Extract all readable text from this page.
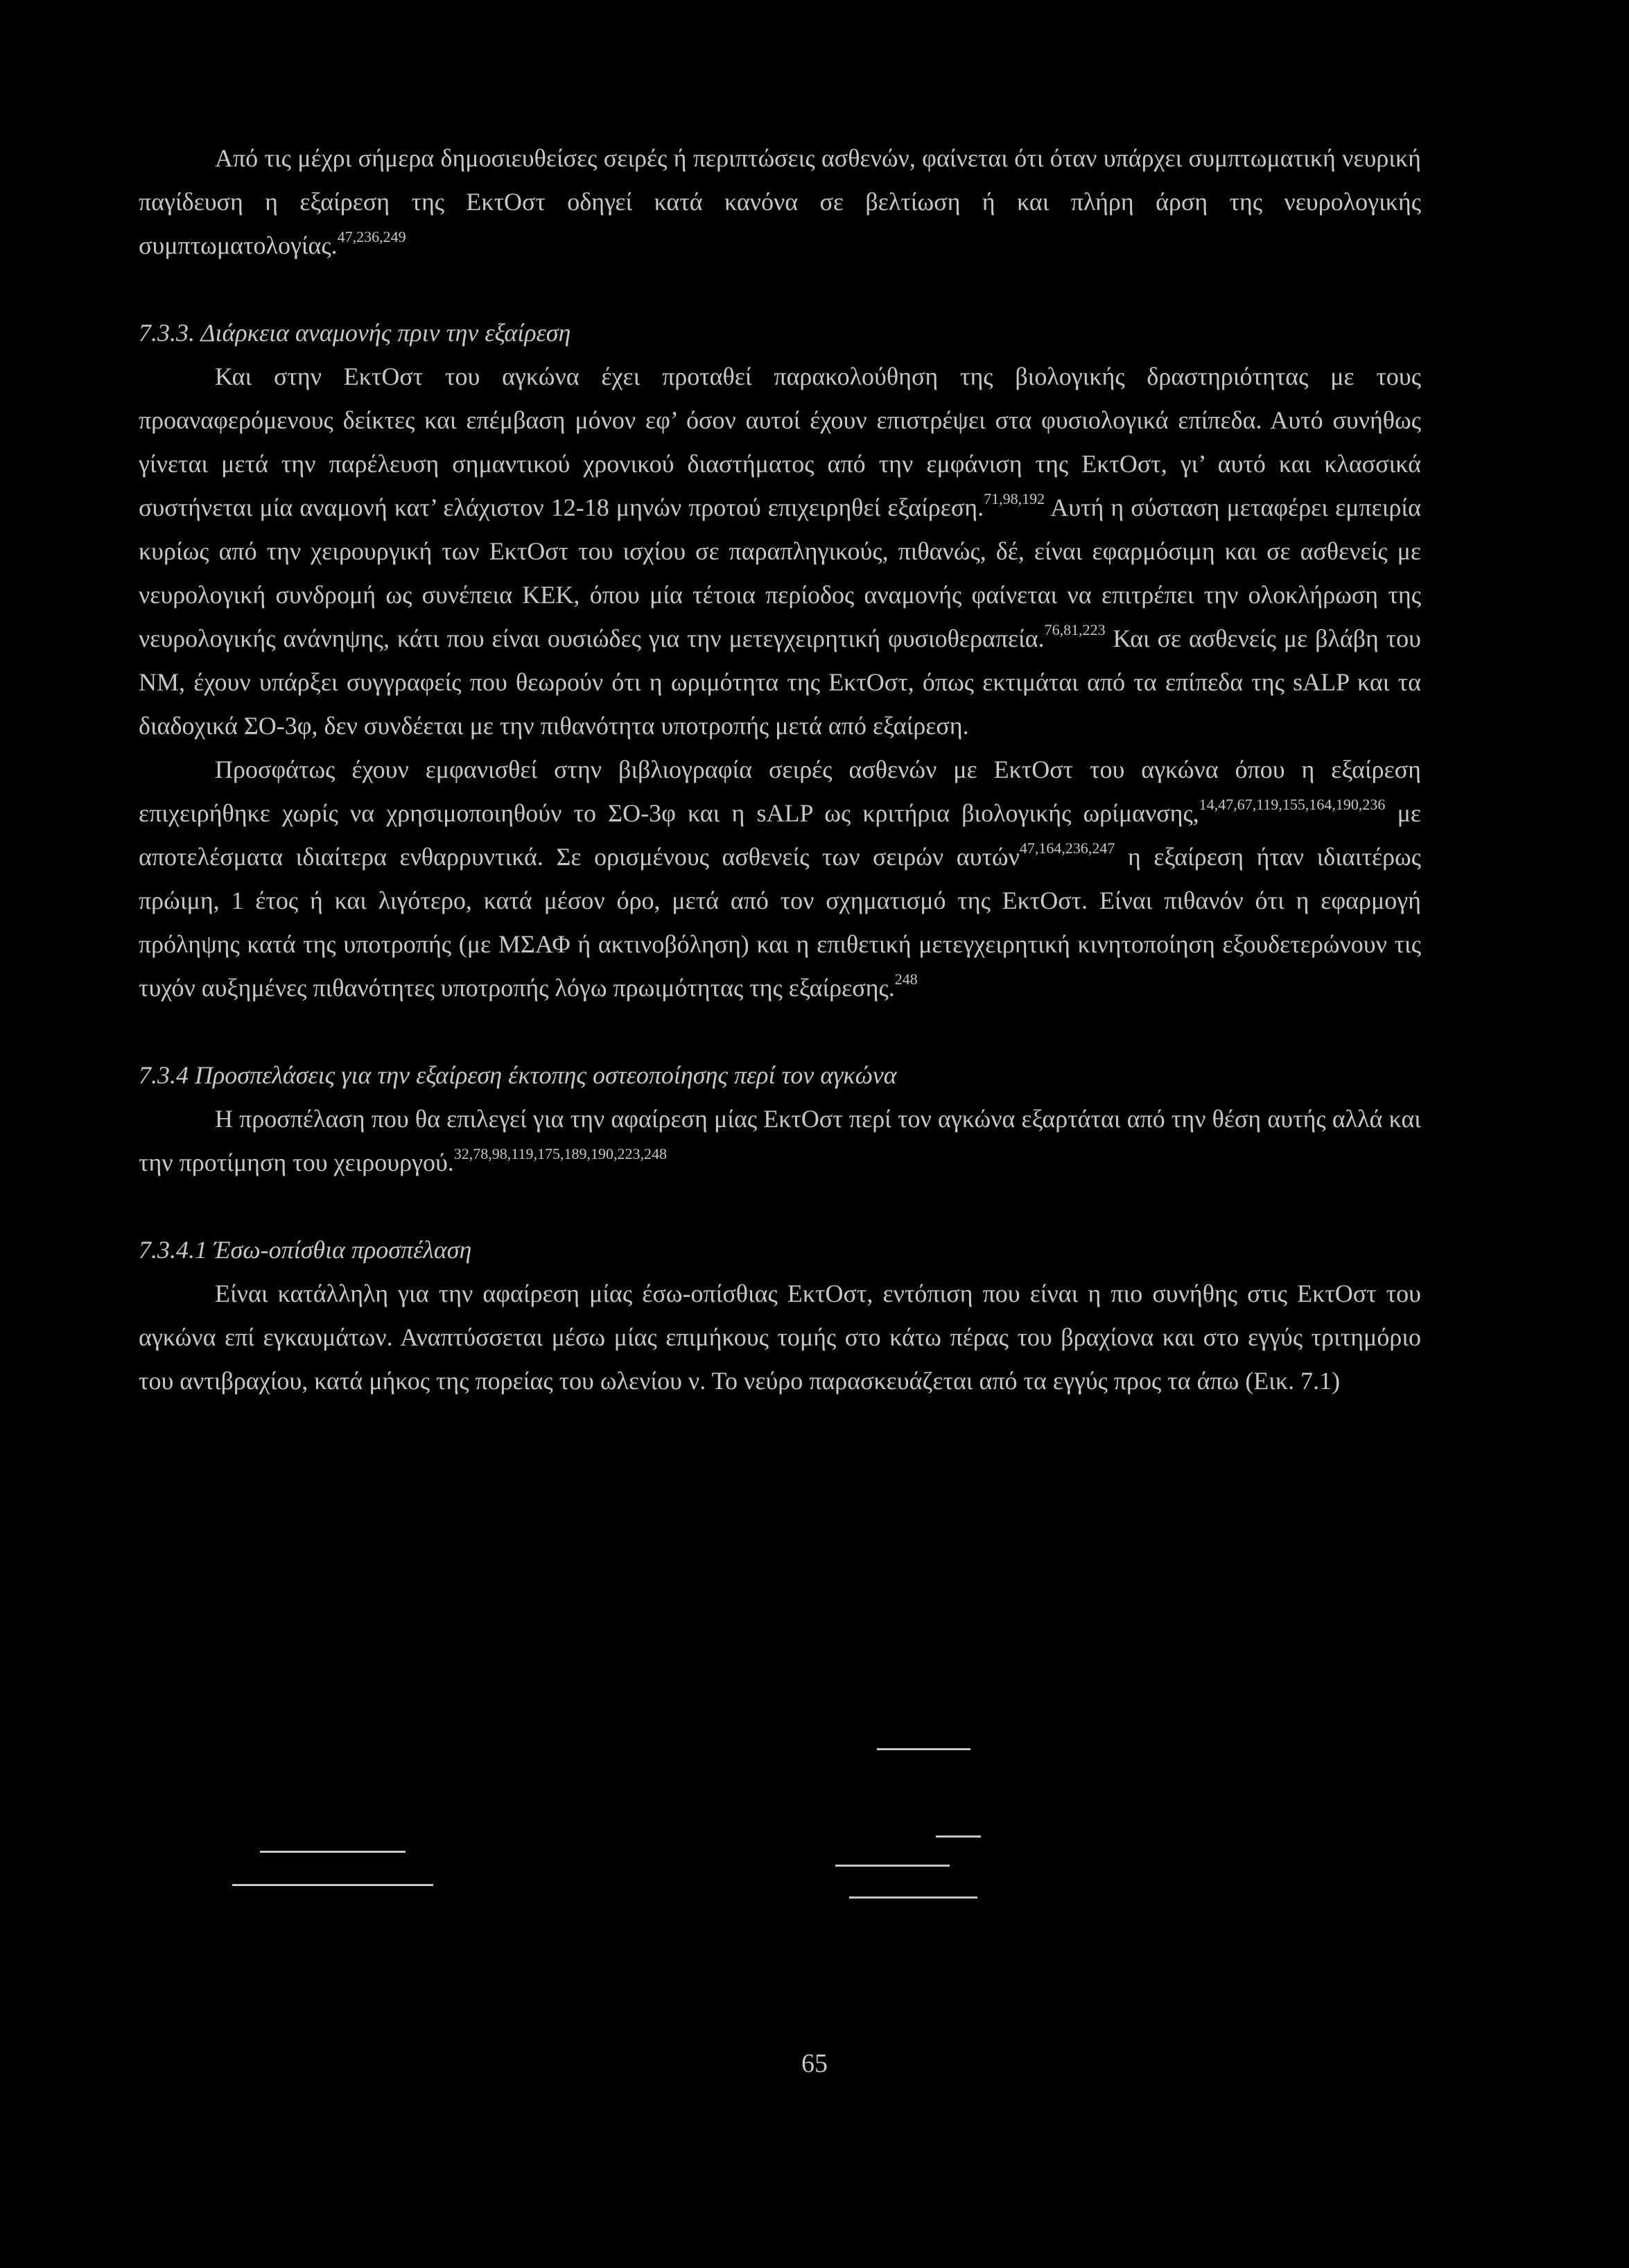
Από τις μέχρι σήμερα δημοσιευθείσες σειρές ή περιπτώσεις ασθενών, φαίνεται ότι όταν υπάρχει συμπτωματική νευρική παγίδευση η εξαίρεση της ΕκτΟστ οδηγεί κατά κανόνα σε βελτίωση ή και πλήρη άρση της νευρολογικής συμπτωματολογίας.$^{47,236,249}$

7.3.3. Διάρκεια αναμονής πριν την εξαίρεση

Και στην ΕκτΟστ του αγκώνα έχει προταθεί παρακολούθηση της βιολογικής δραστηριότητας με τους προαναφερόμενους δείκτες και επέμβαση μόνον εφ’ όσον αυτοί έχουν επιστρέψει στα φυσιολογικά επίπεδα. Αυτό συνήθως γίνεται μετά την παρέλευση σημαντικού χρονικού διαστήματος από την εμφάνιση της ΕκτΟστ, γι’ αυτό και κλασσικά συστήνεται μία αναμονή κατ’ ελάχιστον 12-18 μηνών προτού επιχειρηθεί εξαίρεση.$^{71,98,192}$ Αυτή η σύσταση μεταφέρει εμπειρία κυρίως από την χειρουργική των ΕκτΟστ του ισχίου σε παραπληγικούς, πιθανώς, δέ, είναι εφαρμόσιμη και σε ασθενείς με νευρολογική συνδρομή ως συνέπεια ΚΕΚ, όπου μία τέτοια περίοδος αναμονής φαίνεται να επιτρέπει την ολοκλήρωση της νευρολογικής ανάνηψης, κάτι που είναι ουσιώδες για την μετεγχειρητική φυσιοθεραπεία.$^{76,81,223}$ Και σε ασθενείς με βλάβη του ΝΜ, έχουν υπάρξει συγγραφείς που θεωρούν ότι η ωριμότητα της ΕκτΟστ, όπως εκτιμάται από τα επίπεδα της sALP και τα διαδοχικά ΣΟ-3φ, δεν συνδέεται με την πιθανότητα υποτροπής μετά από εξαίρεση.

Προσφάτως έχουν εμφανισθεί στην βιβλιογραφία σειρές ασθενών με ΕκτΟστ του αγκώνα όπου η εξαίρεση επιχειρήθηκε χωρίς να χρησιμοποιηθούν το ΣΟ-3φ και η sALP ως κριτήρια βιολογικής ωρίμανσης,$^{14,47,67,119,155,164,190,236}$ με αποτελέσματα ιδιαίτερα ενθαρρυντικά. Σε ορισμένους ασθενείς των σειρών αυτών$^{47,164,236,247}$ η εξαίρεση ήταν ιδιαιτέρως πρώιμη, 1 έτος ή και λιγότερο, κατά μέσον όρο, μετά από τον σχηματισμό της ΕκτΟστ. Είναι πιθανόν ότι η εφαρμογή πρόληψης κατά της υποτροπής (με ΜΣΑΦ ή ακτινοβόληση) και η επιθετική μετεγχειρητική κινητοποίηση εξουδετερώνουν τις τυχόν αυξημένες πιθανότητες υποτροπής λόγω πρωιμότητας της εξαίρεσης.$^{248}$

7.3.4 Προσπελάσεις για την εξαίρεση έκτοπης οστεοποίησης περί τον αγκώνα

Η προσπέλαση που θα επιλεγεί για την αφαίρεση μίας ΕκτΟστ περί τον αγκώνα εξαρτάται από την θέση αυτής αλλά και την προτίμηση του χειρουργού.$^{32,78,98,119,175,189,190,223,248}$

7.3.4.1 Έσω-οπίσθια προσπέλαση

Είναι κατάλληλη για την αφαίρεση μίας έσω-οπίσθιας ΕκτΟστ, εντόπιση που είναι η πιο συνήθης στις ΕκτΟστ του αγκώνα επί εγκαυμάτων. Αναπτύσσεται μέσω μίας επιμήκους τομής στο κάτω πέρας του βραχίονα και στο εγγύς τριτημόριο του αντιβραχίου, κατά μήκος της πορείας του ωλενίου ν. Το νεύρο παρασκευάζεται από τα εγγύς προς τα άπω (Εικ. 7.1)

65
